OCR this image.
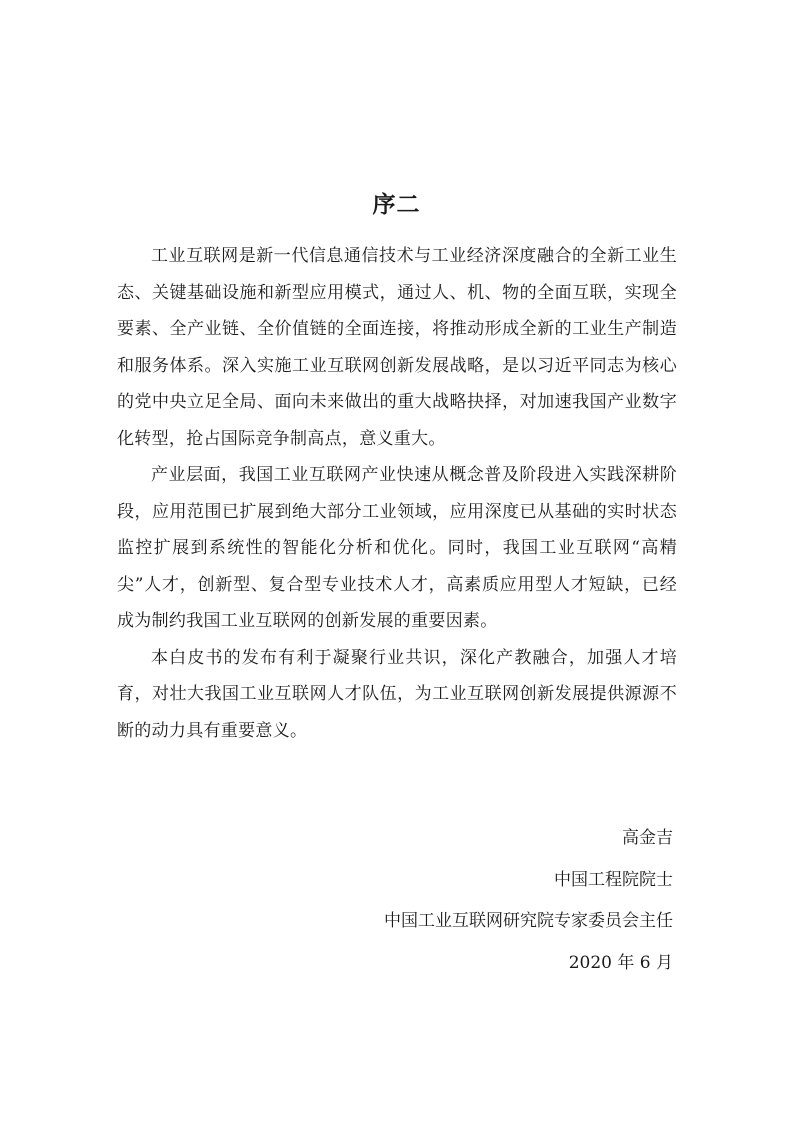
序二

工业互联网是新一代信息通信技术与工业经济深度融合的全新工业生态、关键基础设施和新型应用模式，通过人、机、物的全面互联，实现全要素、全产业链、全价值链的全面连接，将推动形成全新的工业生产制造和服务体系。深入实施工业互联网创新发展战略，是以习近平同志为核心的党中央立足全局、面向未来做出的重大战略抉择，对加速我国产业数字化转型，抢占国际竞争制高点，意义重大。

产业层面，我国工业互联网产业快速从概念普及阶段进入实践深耕阶段，应用范围已扩展到绝大部分工业领域，应用深度已从基础的实时状态监控扩展到系统性的智能化分析和优化。同时，我国工业互联网“高精尖”人才，创新型、复合型专业技术人才，高素质应用型人才短缺，已经成为制约我国工业互联网的创新发展的重要因素。

本白皮书的发布有利于凝聚行业共识，深化产教融合，加强人才培育，对壮大我国工业互联网人才队伍，为工业互联网创新发展提供源源不断的动力具有重要意义。

高金吉
中国工程院院士
中国工业互联网研究院专家委员会主任
2020 年 6 月
